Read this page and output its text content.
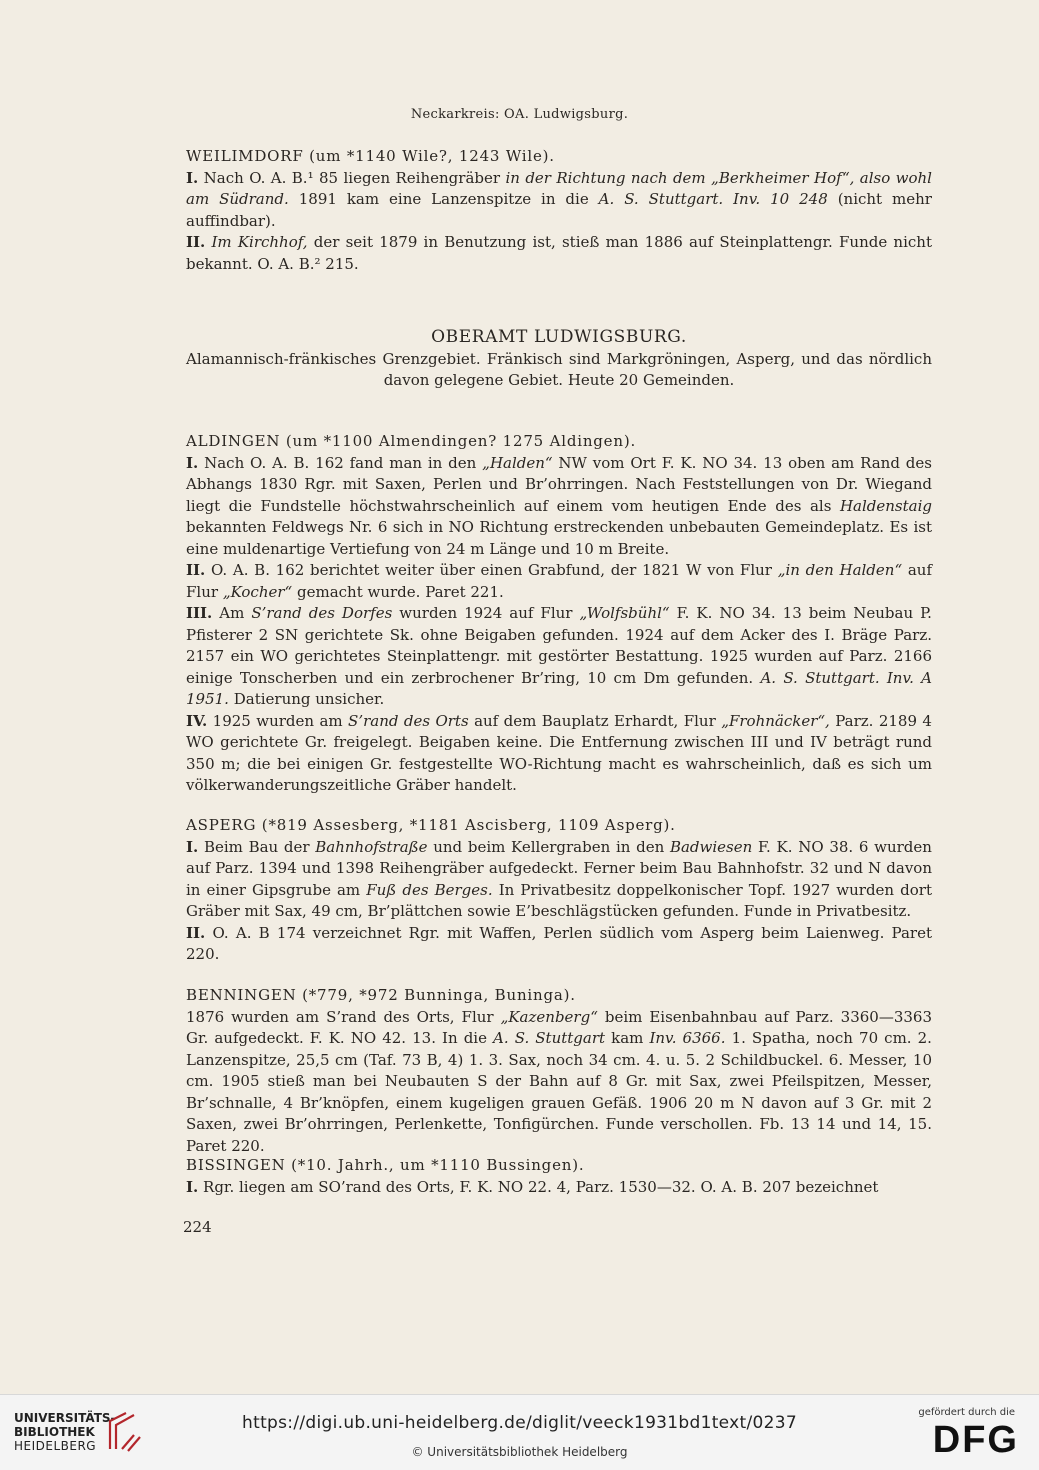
Neckarkreis: OA. Ludwigsburg.

WEILIMDORF (um *1140 Wile?, 1243 Wile).

I. Nach O. A. B.¹ 85 liegen Reihengräber in der Richtung nach dem „Berkheimer Hof“, also wohl am Südrand. 1891 kam eine Lanzenspitze in die A. S. Stuttgart. Inv. 10 248 (nicht mehr auffindbar).

II. Im Kirchhof, der seit 1879 in Benutzung ist, stieß man 1886 auf Steinplattengr. Funde nicht bekannt. O. A. B.² 215.

OBERAMT LUDWIGSBURG.

Alamannisch-fränkisches Grenzgebiet. Fränkisch sind Markgröningen, Asperg, und das nördlich davon gelegene Gebiet. Heute 20 Gemeinden.

ALDINGEN (um *1100 Almendingen? 1275 Aldingen).

I. Nach O. A. B. 162 fand man in den „Halden“ NW vom Ort F. K. NO 34. 13 oben am Rand des Abhangs 1830 Rgr. mit Saxen, Perlen und Br’ohrringen. Nach Feststellungen von Dr. Wiegand liegt die Fundstelle höchstwahrscheinlich auf einem vom heutigen Ende des als Haldenstaig bekannten Feldwegs Nr. 6 sich in NO Richtung erstreckenden unbebauten Gemeindeplatz. Es ist eine muldenartige Vertiefung von 24 m Länge und 10 m Breite.

II. O. A. B. 162 berichtet weiter über einen Grabfund, der 1821 W von Flur „in den Halden“ auf Flur „Kocher“ gemacht wurde. Paret 221.

III. Am S’rand des Dorfes wurden 1924 auf Flur „Wolfsbühl“ F. K. NO 34. 13 beim Neubau P. Pfisterer 2 SN gerichtete Sk. ohne Beigaben gefunden. 1924 auf dem Acker des I. Bräge Parz. 2157 ein WO gerichtetes Steinplattengr. mit gestörter Bestattung. 1925 wurden auf Parz. 2166 einige Tonscherben und ein zerbrochener Br’ring, 10 cm Dm gefunden. A. S. Stuttgart. Inv. A 1951. Datierung unsicher.

IV. 1925 wurden am S’rand des Orts auf dem Bauplatz Erhardt, Flur „Frohnäcker“, Parz. 2189 4 WO gerichtete Gr. freigelegt. Beigaben keine. Die Entfernung zwischen III und IV beträgt rund 350 m; die bei einigen Gr. festgestellte WO-Richtung macht es wahrscheinlich, daß es sich um völkerwanderungszeitliche Gräber handelt.

ASPERG (*819 Assesberg, *1181 Ascisberg, 1109 Asperg).

I. Beim Bau der Bahnhofstraße und beim Kellergraben in den Badwiesen F. K. NO 38. 6 wurden auf Parz. 1394 und 1398 Reihengräber aufgedeckt. Ferner beim Bau Bahnhofstr. 32 und N davon in einer Gipsgrube am Fuß des Berges. In Privatbesitz doppelkonischer Topf. 1927 wurden dort Gräber mit Sax, 49 cm, Br’plättchen sowie E’beschlägstücken gefunden. Funde in Privatbesitz.

II. O. A. B 174 verzeichnet Rgr. mit Waffen, Perlen südlich vom Asperg beim Laienweg. Paret 220.

BENNINGEN (*779, *972 Bunninga, Buninga).

1876 wurden am S’rand des Orts, Flur „Kazenberg“ beim Eisenbahnbau auf Parz. 3360—3363 Gr. aufgedeckt. F. K. NO 42. 13. In die A. S. Stuttgart kam Inv. 6366. 1. Spatha, noch 70 cm. 2. Lanzenspitze, 25,5 cm (Taf. 73 B, 4) 1. 3. Sax, noch 34 cm. 4. u. 5. 2 Schildbuckel. 6. Messer, 10 cm. 1905 stieß man bei Neubauten S der Bahn auf 8 Gr. mit Sax, zwei Pfeilspitzen, Messer, Br’schnalle, 4 Br’knöpfen, einem kugeligen grauen Gefäß. 1906 20 m N davon auf 3 Gr. mit 2 Saxen, zwei Br’ohrringen, Perlenkette, Tonfigürchen. Funde verschollen. Fb. 13 14 und 14, 15. Paret 220.

BISSINGEN (*10. Jahrh., um *1110 Bussingen).

I. Rgr. liegen am SO’rand des Orts, F. K. NO 22. 4, Parz. 1530—32. O. A. B. 207 bezeichnet

224
UNIVERSITÄTS-
BIBLIOTHEK
HEIDELBERG
https://digi.ub.uni-heidelberg.de/diglit/veeck1931bd1text/0237
© Universitätsbibliothek Heidelberg
gefördert durch die
DFG
